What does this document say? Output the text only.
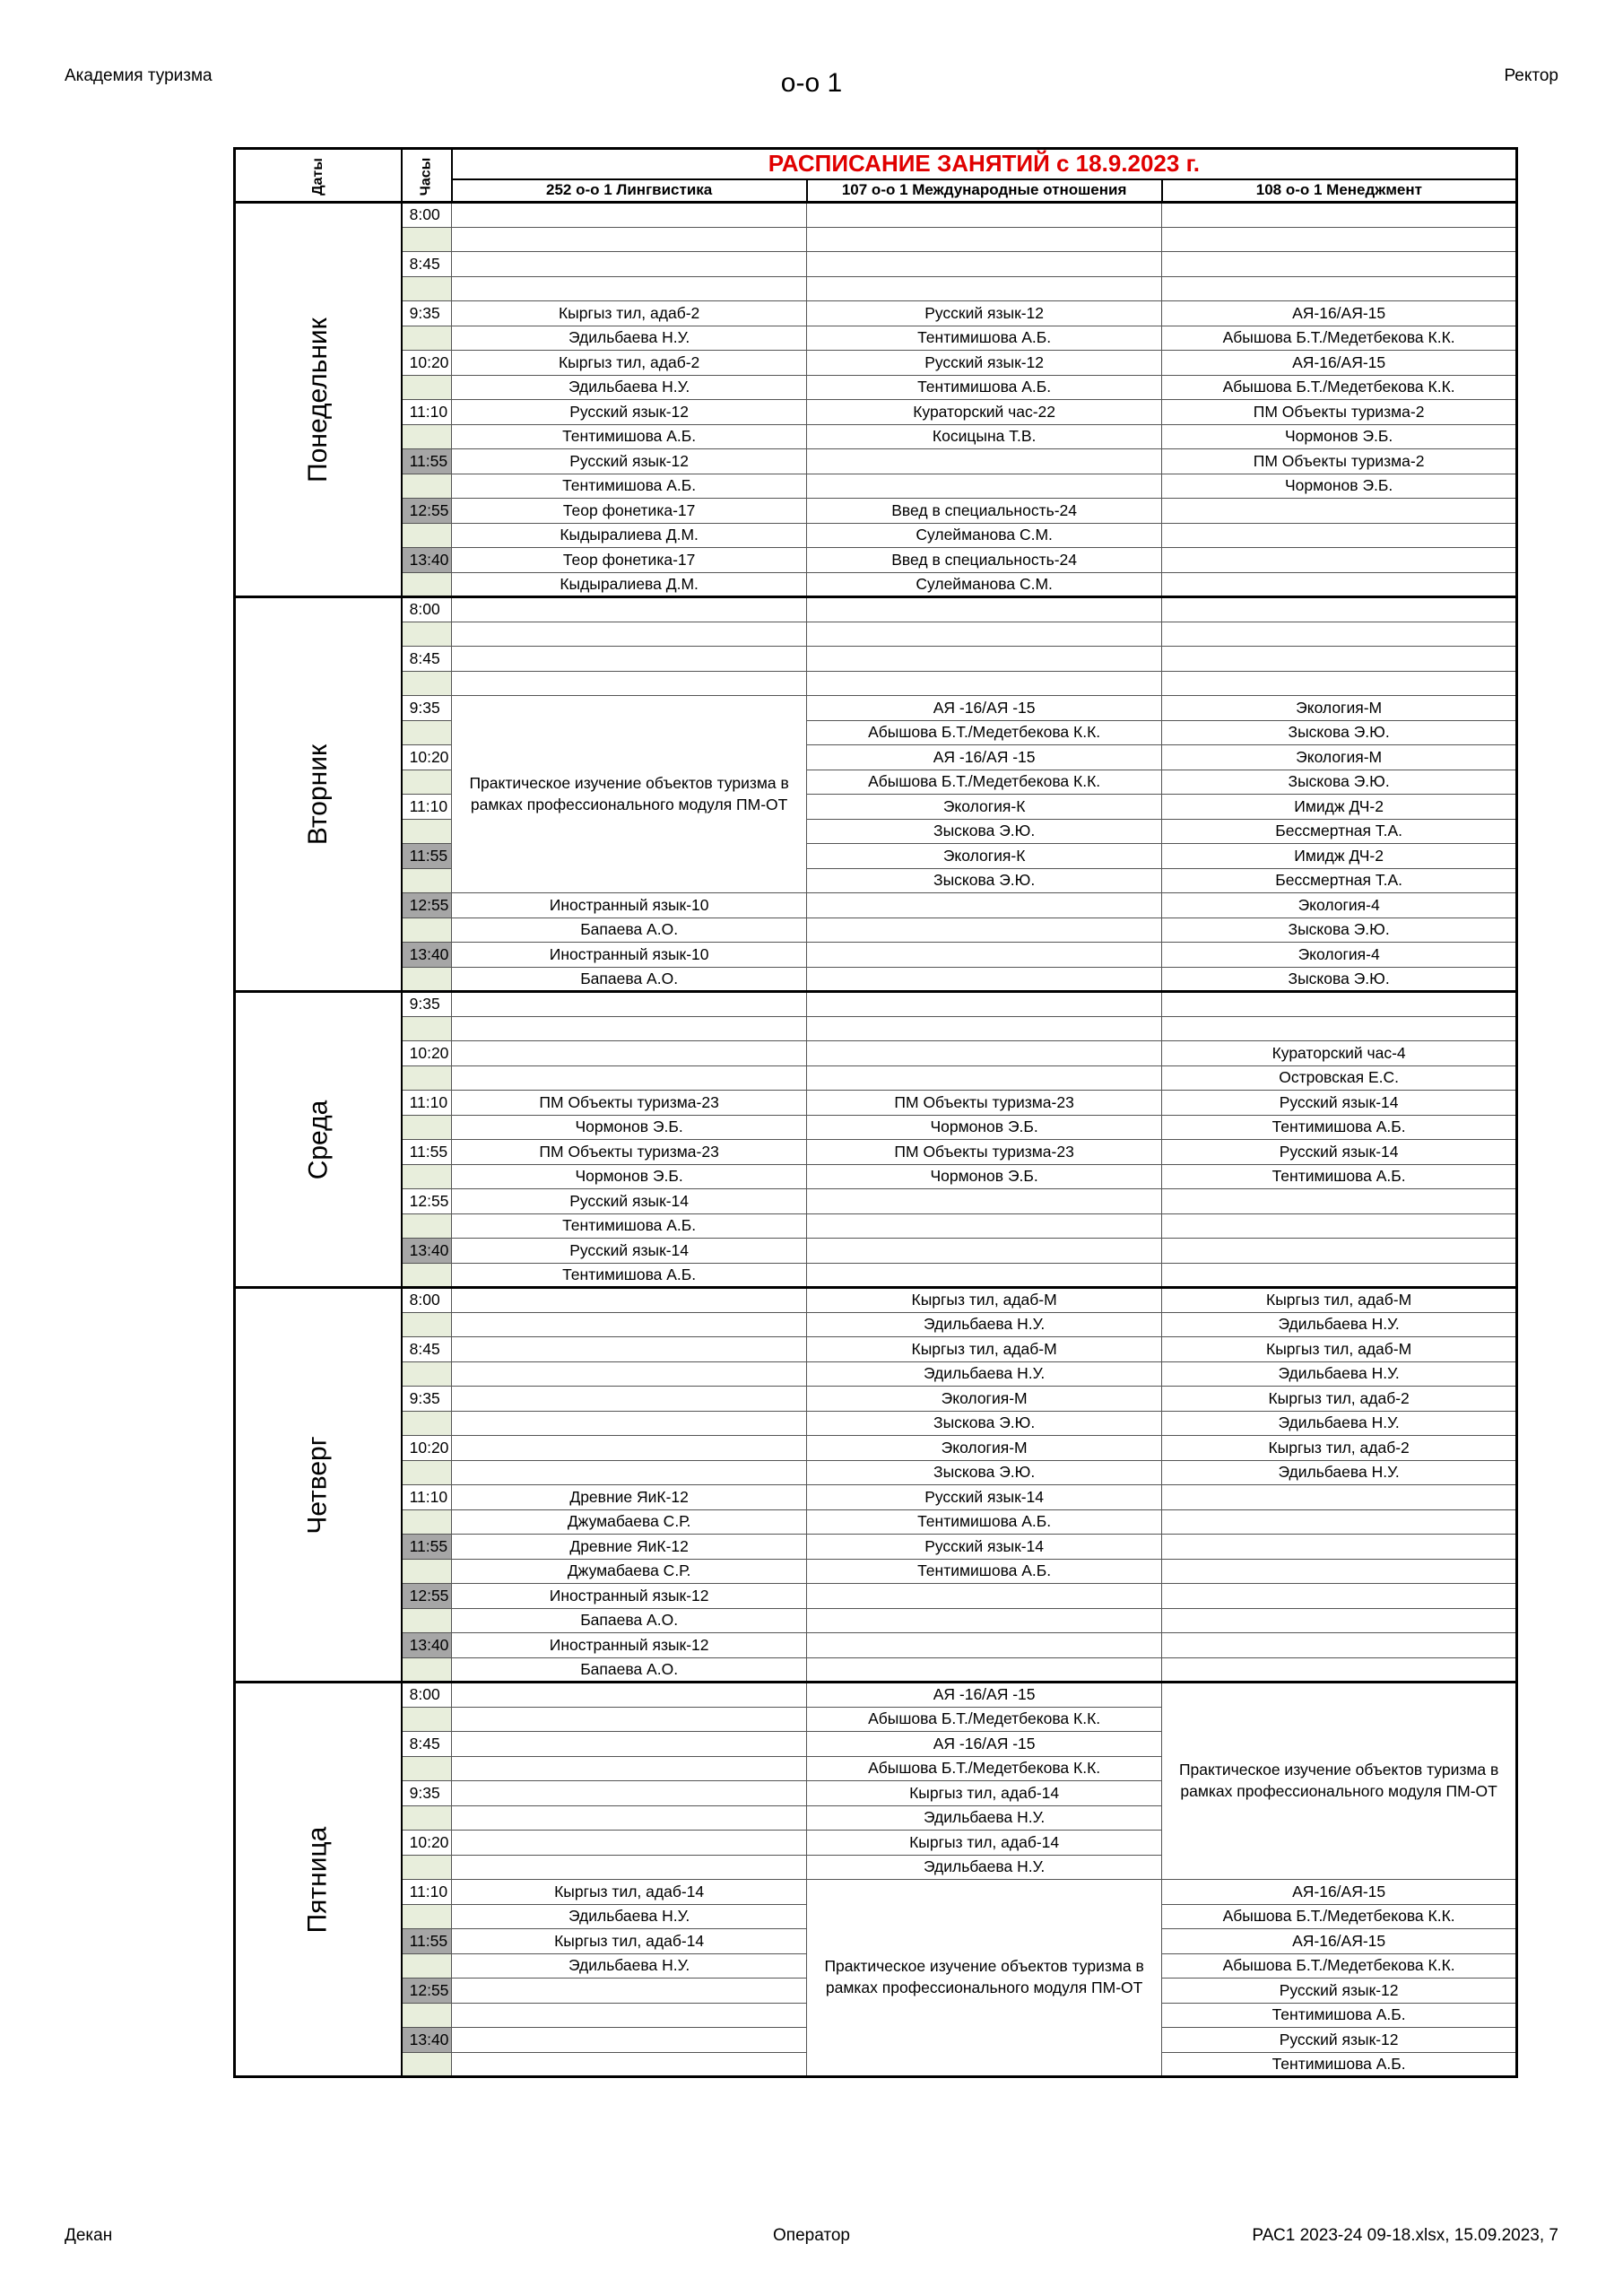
Академия туризма	о-о 1	Ректор
Даты	Часы	РАСПИСАНИЕ ЗАНЯТИЙ с 18.9.2023 г.		
		252 о-о 1 Лингвистика	107 о-о 1 Международные отношения	108 о-о 1 Менеджмент
Понедельник	8:00			

	8:45			

	9:35	Кыргыз тил, адаб-2	Русский язык-12	АЯ-16/АЯ-15
		Эдильбаева Н.У.	Тентимишова А.Б.	Абышова Б.Т./Медетбекова К.К.
	10:20	Кыргыз тил, адаб-2	Русский язык-12	АЯ-16/АЯ-15
		Эдильбаева Н.У.	Тентимишова А.Б.	Абышова Б.Т./Медетбекова К.К.
	11:10	Русский язык-12	Кураторский час-22	ПМ Объекты туризма-2
		Тентимишова А.Б.	Косицына Т.В.	Чормонов Э.Б.
	11:55	Русский язык-12		ПМ Объекты туризма-2
		Тентимишова А.Б.		Чормонов Э.Б.
	12:55	Теор фонетика-17	Введ в специальность-24	
		Кыдыралиева Д.М.	Сулейманова С.М.	
	13:40	Теор фонетика-17	Введ в специальность-24	
		Кыдыралиева Д.М.	Сулейманова С.М.	
Вторник	8:00			

	8:45			

	9:35	Практическое изучение объектов туризма в рамках профессионального модуля ПМ-ОТ	АЯ -16/АЯ -15	Экология-М
			Абышова Б.Т./Медетбекова К.К.	Зыскова Э.Ю.
	10:20		АЯ -16/АЯ -15	Экология-М
			Абышова Б.Т./Медетбекова К.К.	Зыскова Э.Ю.
	11:10		Экология-К	Имидж ДЧ-2
			Зыскова Э.Ю.	Бессмертная Т.А.
	11:55		Экология-К	Имидж ДЧ-2
			Зыскова Э.Ю.	Бессмертная Т.А.
	12:55	Иностранный язык-10		Экология-4
		Бапаева А.О.		Зыскова Э.Ю.
	13:40	Иностранный язык-10		Экология-4
		Бапаева А.О.		Зыскова Э.Ю.
Среда	9:35			

	10:20			Кураторский час-4
				Островская Е.С.
	11:10	ПМ Объекты туризма-23	ПМ Объекты туризма-23	Русский язык-14
		Чормонов Э.Б.	Чормонов Э.Б.	Тентимишова А.Б.
	11:55	ПМ Объекты туризма-23	ПМ Объекты туризма-23	Русский язык-14
		Чормонов Э.Б.	Чормонов Э.Б.	Тентимишова А.Б.
	12:55	Русский язык-14		
		Тентимишова А.Б.		
	13:40	Русский язык-14		
		Тентимишова А.Б.		
Четверг	8:00		Кыргыз тил, адаб-М	Кыргыз тил, адаб-М
			Эдильбаева Н.У.	Эдильбаева Н.У.
	8:45		Кыргыз тил, адаб-М	Кыргыз тил, адаб-М
			Эдильбаева Н.У.	Эдильбаева Н.У.
	9:35		Экология-М	Кыргыз тил, адаб-2
			Зыскова Э.Ю.	Эдильбаева Н.У.
	10:20		Экология-М	Кыргыз тил, адаб-2
			Зыскова Э.Ю.	Эдильбаева Н.У.
	11:10	Древние ЯиК-12	Русский язык-14	
		Джумабаева С.Р.	Тентимишова А.Б.	
	11:55	Древние ЯиК-12	Русский язык-14	
		Джумабаева С.Р.	Тентимишова А.Б.	
	12:55	Иностранный язык-12		
		Бапаева А.О.		
	13:40	Иностранный язык-12		
		Бапаева А.О.		
Пятница	8:00		АЯ -16/АЯ -15	Практическое изучение объектов туризма в рамках профессионального модуля ПМ-ОТ
			Абышова Б.Т./Медетбекова К.К.	
	8:45		АЯ -16/АЯ -15	
			Абышова Б.Т./Медетбекова К.К.	
	9:35		Кыргыз тил, адаб-14	
			Эдильбаева Н.У.	
	10:20		Кыргыз тил, адаб-14	
			Эдильбаева Н.У.	
	11:10	Кыргыз тил, адаб-14	Практическое изучение объектов туризма в рамках профессионального модуля ПМ-ОТ	АЯ-16/АЯ-15
		Эдильбаева Н.У.		Абышова Б.Т./Медетбекова К.К.
	11:55	Кыргыз тил, адаб-14		АЯ-16/АЯ-15
		Эдильбаева Н.У.		Абышова Б.Т./Медетбекова К.К.
	12:55			Русский язык-12
				Тентимишова А.Б.
	13:40			Русский язык-12
				Тентимишова А.Б.
Декан	Оператор	РАС1 2023-24 09-18.xlsx, 15.09.2023, 7
